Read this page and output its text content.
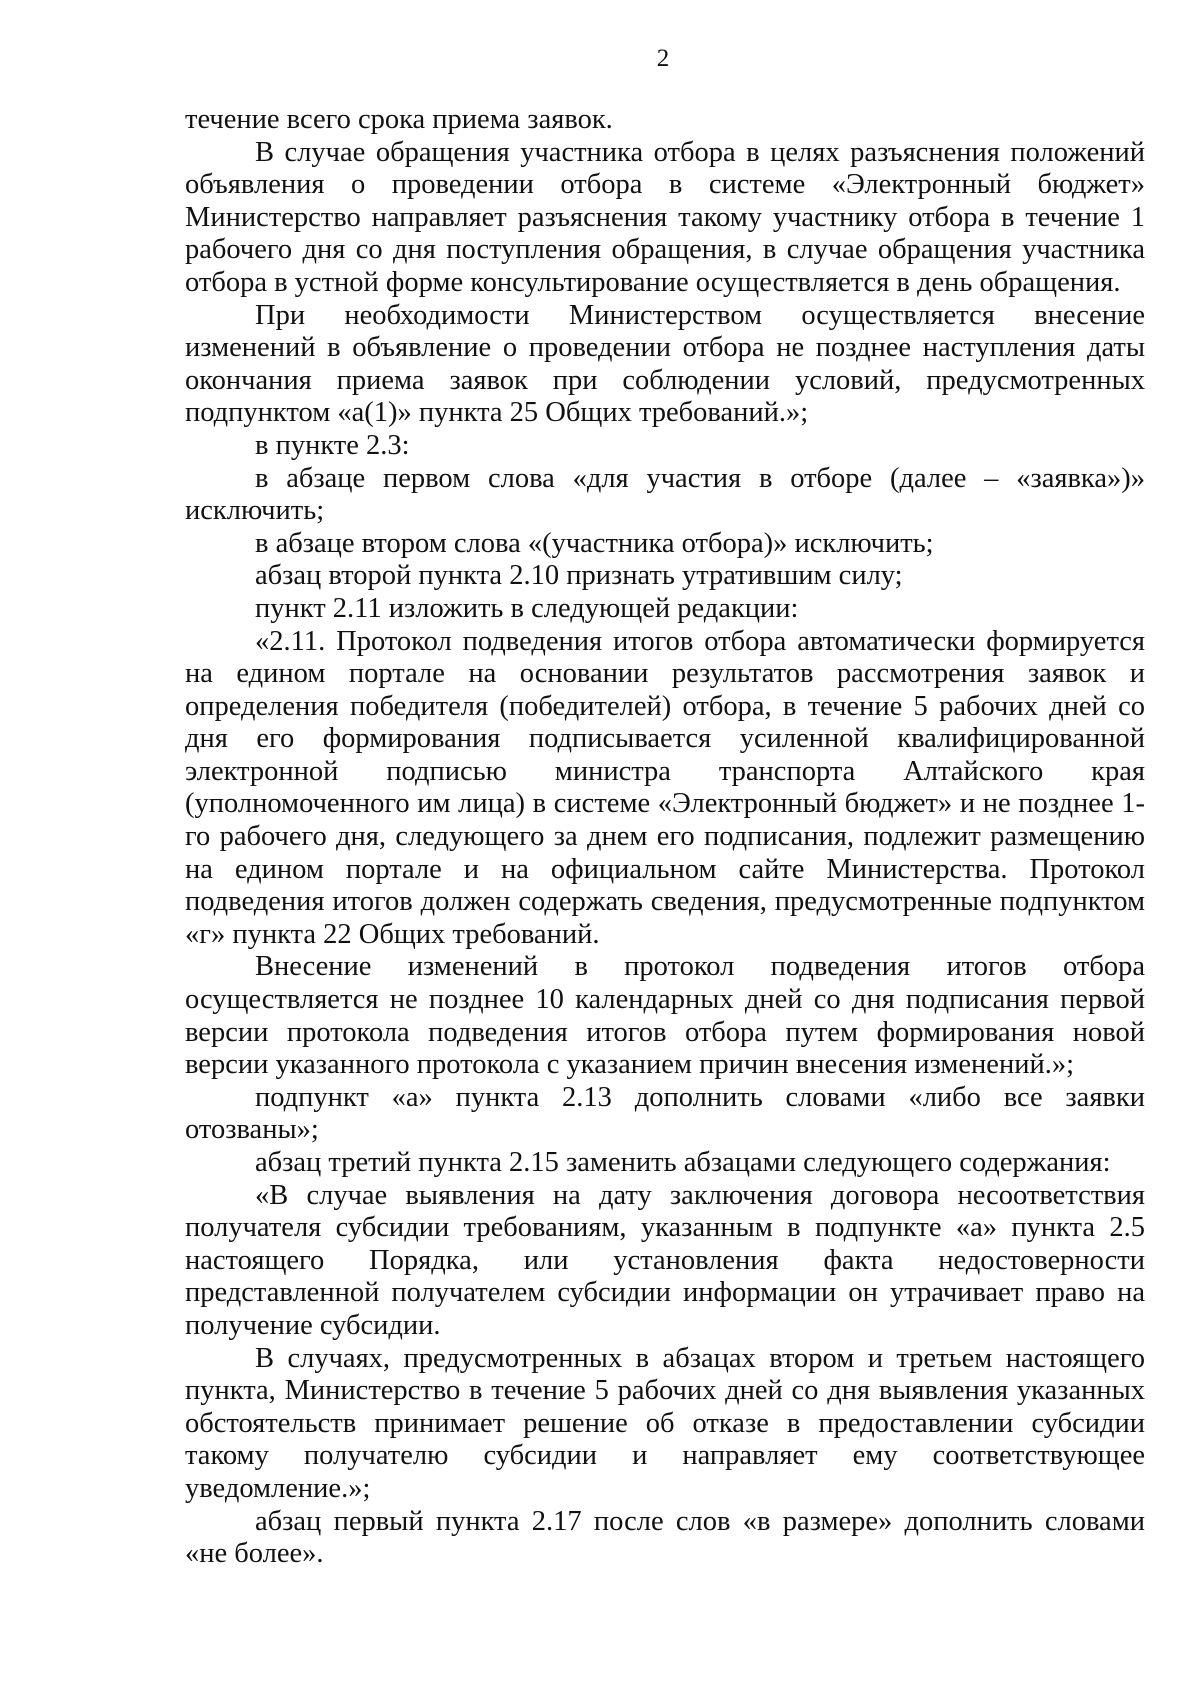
2

течение всего срока приема заявок.

В случае обращения участника отбора в целях разъяснения положений объявления о проведении отбора в системе «Электронный бюджет» Министерство направляет разъяснения такому участнику отбора в течение 1 рабочего дня со дня поступления обращения, в случае обращения участника отбора в устной форме консультирование осуществляется в день обращения.

При необходимости Министерством осуществляется внесение изменений в объявление о проведении отбора не позднее наступления даты окончания приема заявок при соблюдении условий, предусмотренных подпунктом «а(1)» пункта 25 Общих требований.»;

в пункте 2.3:

в абзаце первом слова «для участия в отборе (далее – «заявка»)» исключить;

в абзаце втором слова «(участника отбора)» исключить;

абзац второй пункта 2.10 признать утратившим силу;

пункт 2.11 изложить в следующей редакции:

«2.11. Протокол подведения итогов отбора автоматически формируется на едином портале на основании результатов рассмотрения заявок и определения победителя (победителей) отбора, в течение 5 рабочих дней со дня его формирования подписывается усиленной квалифицированной электронной подписью министра транспорта Алтайского края (уполномоченного им лица) в системе «Электронный бюджет» и не позднее 1-го рабочего дня, следующего за днем его подписания, подлежит размещению на едином портале и на официальном сайте Министерства. Протокол подведения итогов должен содержать сведения, предусмотренные подпунктом «г» пункта 22 Общих требований.

Внесение изменений в протокол подведения итогов отбора осуществляется не позднее 10 календарных дней со дня подписания первой версии протокола подведения итогов отбора путем формирования новой версии указанного протокола с указанием причин внесения изменений.»;

подпункт «а» пункта 2.13 дополнить словами «либо все заявки отозваны»;

абзац третий пункта 2.15 заменить абзацами следующего содержания:

«В случае выявления на дату заключения договора несоответствия получателя субсидии требованиям, указанным в подпункте «а» пункта 2.5 настоящего Порядка, или установления факта недостоверности представленной получателем субсидии информации он утрачивает право на получение субсидии.

В случаях, предусмотренных в абзацах втором и третьем настоящего пункта, Министерство в течение 5 рабочих дней со дня выявления указанных обстоятельств принимает решение об отказе в предоставлении субсидии такому получателю субсидии и направляет ему соответствующее уведомление.»;

абзац первый пункта 2.17 после слов «в размере» дополнить словами «не более».
